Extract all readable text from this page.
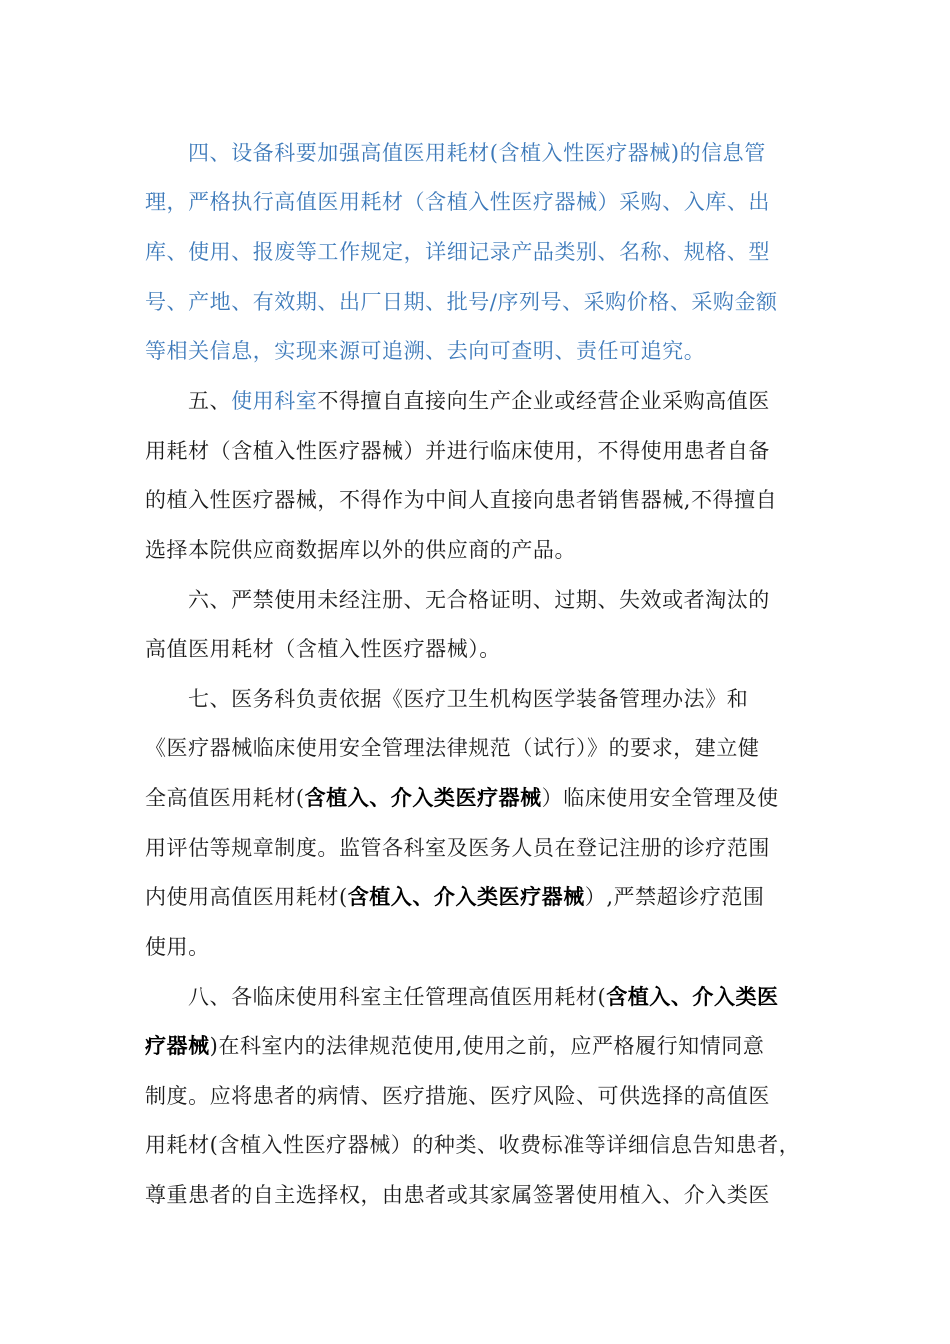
四、设备科要加强高值医用耗材(含植入性医疗器械)的信息管
理，严格执行高值医用耗材（含植入性医疗器械）采购、入库、出
库、使用、报废等工作规定，详细记录产品类别、名称、规格、型
号、产地、有效期、出厂日期、批号/序列号、采购价格、采购金额
等相关信息，实现来源可追溯、去向可查明、责任可追究。
五、使用科室不得擅自直接向生产企业或经营企业采购高值医
用耗材（含植入性医疗器械）并进行临床使用，不得使用患者自备
的植入性医疗器械，不得作为中间人直接向患者销售器械,不得擅自
选择本院供应商数据库以外的供应商的产品。
六、严禁使用未经注册、无合格证明、过期、失效或者淘汰的
高值医用耗材（含植入性医疗器械）。
七、医务科负责依据《医疗卫生机构医学装备管理办法》和
《医疗器械临床使用安全管理法律规范（试行）》的要求，建立健
全高值医用耗材(含植入、介入类医疗器械）临床使用安全管理及使
用评估等规章制度。监管各科室及医务人员在登记注册的诊疗范围
内使用高值医用耗材(含植入、介入类医疗器械）,严禁超诊疗范围
使用。
八、各临床使用科室主任管理高值医用耗材(含植入、介入类医
疗器械)在科室内的法律规范使用,使用之前，应严格履行知情同意
制度。应将患者的病情、医疗措施、医疗风险、可供选择的高值医
用耗材(含植入性医疗器械）的种类、收费标准等详细信息告知患者，
尊重患者的自主选择权，由患者或其家属签署使用植入、介入类医
